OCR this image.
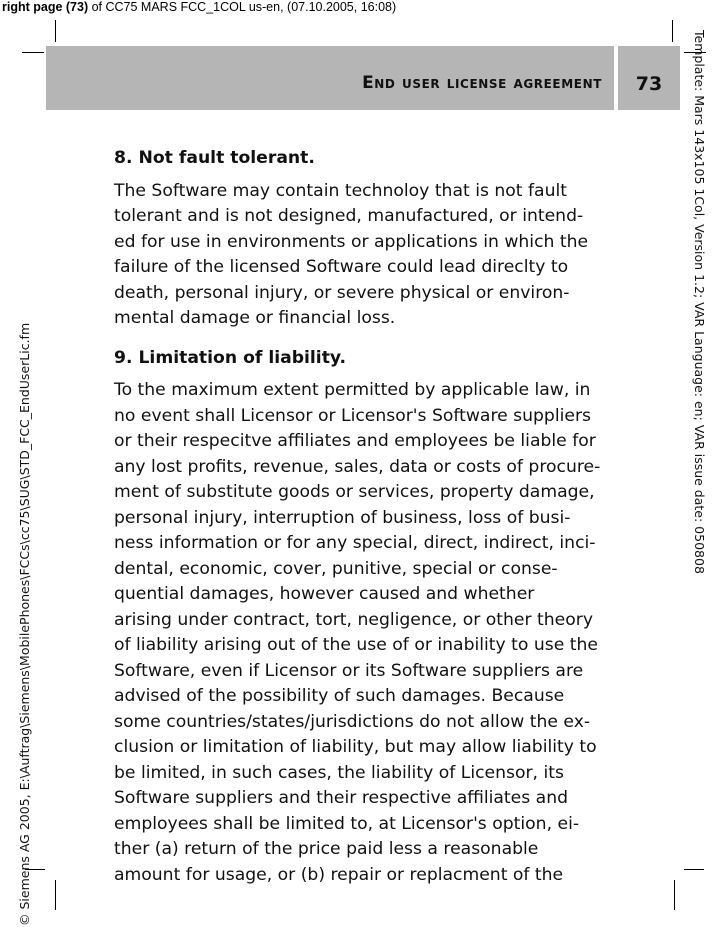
right page (73) of CC75 MARS FCC_1COL us-en, (07.10.2005, 16:08)
End user license agreement	73
© Siemens AG 2005, E:\Auftrag\Siemens\MobilePhones\FCCs\cc75\SUG\STD_FCC_EndUserLic.fm
Template: Mars 143x105 1Col, Version 1.2; VAR Language: en; VAR issue date: 050808
8. Not fault tolerant.

The Software may contain technoloy that is not fault
tolerant and is not designed, manufactured, or intend-
ed for use in environments or applications in which the
failure of the licensed Software could lead direclty to
death, personal injury, or severe physical or environ-
mental damage or financial loss.

9. Limitation of liability.

To the maximum extent permitted by applicable law, in
no event shall Licensor or Licensor's Software suppliers
or their respecitve affiliates and employees be liable for
any lost profits, revenue, sales, data or costs of procure-
ment of substitute goods or services, property damage,
personal injury, interruption of business, loss of busi-
ness information or for any special, direct, indirect, inci-
dental, economic, cover, punitive, special or conse-
quential damages, however caused and whether
arising under contract, tort, negligence, or other theory
of liability arising out of the use of or inability to use the
Software, even if Licensor or its Software suppliers are
advised of the possibility of such damages. Because
some countries/states/jurisdictions do not allow the ex-
clusion or limitation of liability, but may allow liability to
be limited, in such cases, the liability of Licensor, its
Software suppliers and their respective affiliates and
employees shall be limited to, at Licensor's option, ei-
ther (a) return of the price paid less a reasonable
amount for usage, or (b) repair or replacment of the
